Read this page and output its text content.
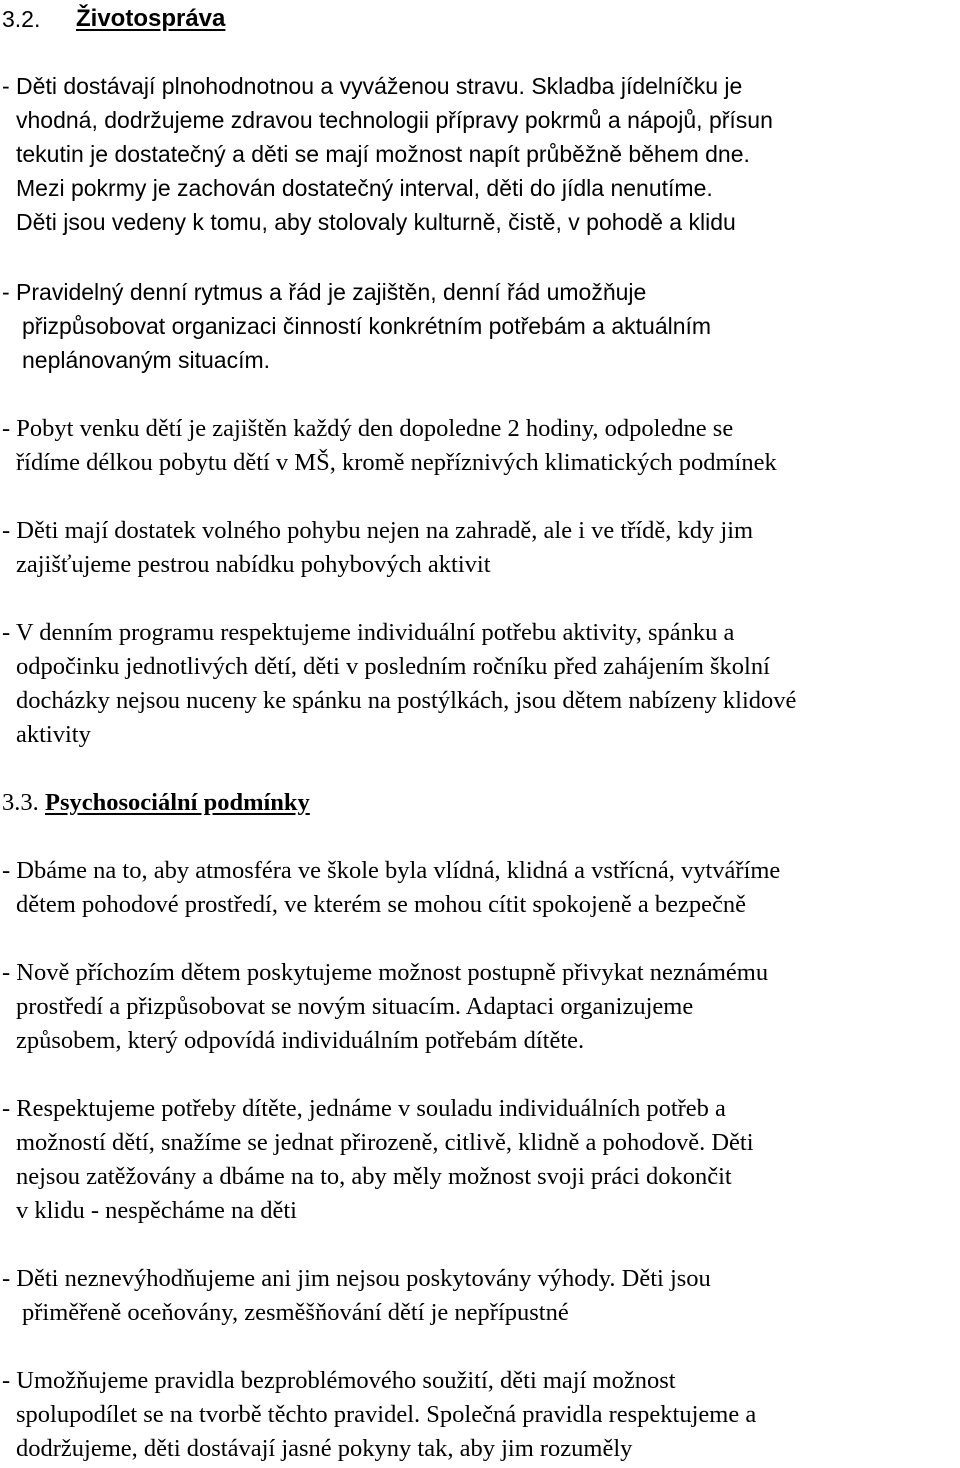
3.2. Životospráva
- Děti dostávají plnohodnotnou a vyváženou stravu. Skladba jídelníčku je
vhodná, dodržujeme zdravou technologii přípravy pokrmů a nápojů, přísun
tekutin je dostatečný a děti se mají možnost napít průběžně během dne.
Mezi pokrmy je zachován dostatečný interval, děti do jídla nenutíme.
Děti jsou vedeny k tomu, aby stolovaly kulturně, čistě, v pohodě a klidu
- Pravidelný denní rytmus a řád je zajištěn, denní řád umožňuje
přizpůsobovat organizaci činností konkrétním potřebám a aktuálním
neplánovaným situacím.
- Pobyt venku dětí je zajištěn každý den dopoledne 2 hodiny, odpoledne se
řídíme délkou pobytu dětí v MŠ, kromě nepříznivých klimatických podmínek
- Děti mají dostatek volného pohybu nejen na zahradě, ale i ve třídě, kdy jim
zajišťujeme pestrou nabídku pohybových aktivit
- V denním programu respektujeme individuální potřebu aktivity, spánku a
odpočinku jednotlivých dětí, děti v posledním ročníku před zahájením školní
docházky nejsou nuceny ke spánku na postýlkách, jsou dětem nabízeny klidové
aktivity
3.3. Psychosociální podmínky
- Dbáme na to, aby atmosféra ve škole byla vlídná, klidná a vstřícná, vytváříme
dětem pohodové prostředí, ve kterém se mohou cítit spokojeně a bezpečně
- Nově příchozím dětem poskytujeme možnost postupně přivykat neznámému
prostředí a přizpůsobovat se novým situacím. Adaptaci organizujeme
způsobem, který odpovídá individuálním potřebám dítěte.
- Respektujeme potřeby dítěte, jednáme v souladu individuálních potřeb a
možností dětí, snažíme se jednat přirozeně, citlivě, klidně a pohodově. Děti
nejsou zatěžovány a dbáme na to, aby měly možnost svoji práci dokončit
v klidu - nespěcháme na děti
- Děti neznevýhodňujeme ani jim nejsou poskytovány výhody. Děti jsou
přiměřeně oceňovány, zesměšňování dětí je nepřípustné
- Umožňujeme pravidla bezproblémového soužití, děti mají možnost
spolupodílet se na tvorbě těchto pravidel. Společná pravidla respektujeme a
dodržujeme, děti dostávají jasné pokyny tak, aby jim rozuměly
